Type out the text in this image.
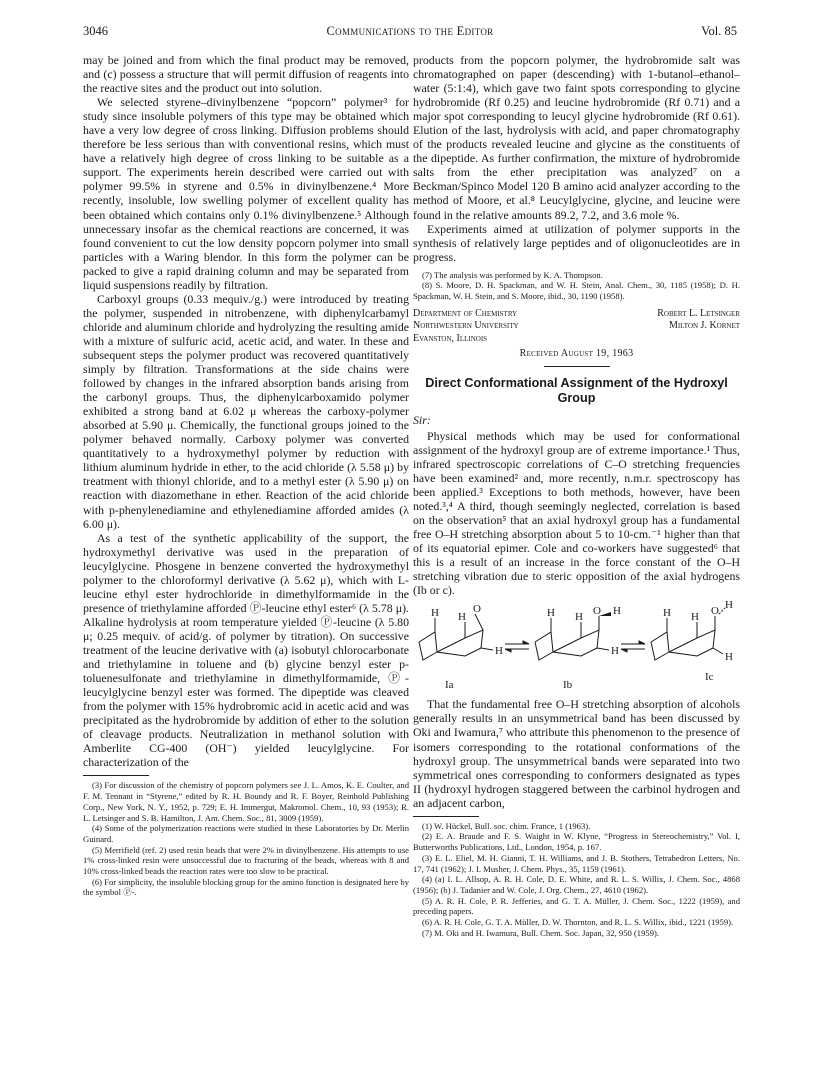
3046	Communications to the Editor	Vol. 85

may be joined and from which the final product may be removed, and (c) possess a structure that will permit diffusion of reagents into the reactive sites and the product out into solution.

We selected styrene–divinylbenzene “popcorn” polymer³ for study since insoluble polymers of this type may be obtained which have a very low degree of cross linking. Diffusion problems should therefore be less serious than with conventional resins, which must have a relatively high degree of cross linking to be suitable as a support. The experiments herein described were carried out with polymer 99.5% in styrene and 0.5% in divinylbenzene.⁴ More recently, insoluble, low swelling polymer of excellent quality has been obtained which contains only 0.1% divinylbenzene.⁵ Although unnecessary insofar as the chemical reactions are concerned, it was found convenient to cut the low density popcorn polymer into small particles with a Waring blendor. In this form the polymer can be packed to give a rapid draining column and may be separated from liquid suspensions readily by filtration.

Carboxyl groups (0.33 mequiv./g.) were introduced by treating the polymer, suspended in nitrobenzene, with diphenylcarbamyl chloride and aluminum chloride and hydrolyzing the resulting amide with a mixture of sulfuric acid, acetic acid, and water. In these and subsequent steps the polymer product was recovered quantitatively simply by filtration. Transformations at the side chains were followed by changes in the infrared absorption bands arising from the carbonyl groups. Thus, the diphenylcarboxamido polymer exhibited a strong band at 6.02 μ whereas the carboxy-polymer absorbed at 5.90 μ. Chemically, the functional groups joined to the polymer behaved normally. Carboxy polymer was converted quantitatively to a hydroxymethyl polymer by reduction with lithium aluminum hydride in ether, to the acid chloride (λ 5.58 μ) by treatment with thionyl chloride, and to a methyl ester (λ 5.90 μ) on reaction with diazomethane in ether. Reaction of the acid chloride with p-phenylenediamine and ethylenediamine afforded amides (λ 6.00 μ).

As a test of the synthetic applicability of the support, the hydroxymethyl derivative was used in the preparation of leucylglycine. Phosgene in benzene converted the hydroxymethyl polymer to the chloroformyl derivative (λ 5.62 μ), which with L-leucine ethyl ester hydrochloride in dimethylformamide in the presence of triethylamine afforded Ⓟ-leucine ethyl ester⁶ (λ 5.78 μ). Alkaline hydrolysis at room temperature yielded Ⓟ-leucine (λ 5.80 μ; 0.25 mequiv. of acid/g. of polymer by titration). On successive treatment of the leucine derivative with (a) isobutyl chlorocarbonate and triethylamine in toluene and (b) glycine benzyl ester p-toluenesulfonate and triethylamine in dimethylformamide, Ⓟ-leucylglycine benzyl ester was formed. The dipeptide was cleaved from the polymer with 15% hydrobromic acid in acetic acid and was precipitated as the hydrobromide by addition of ether to the solution of cleavage products. Neutralization in methanol solution with Amberlite CG-400 (OH⁻) yielded leucylglycine. For characterization of the

(3) For discussion of the chemistry of popcorn polymers see J. L. Amos, K. E. Coulter, and F. M. Tennant in “Styrene,” edited by R. H. Boundy and R. F. Boyer, Reinhold Publishing Corp., New York, N. Y., 1952, p. 729; E. H. Immergut, Makromol. Chem., 10, 93 (1953); R. L. Letsinger and S. B. Hamilton, J. Am. Chem. Soc., 81, 3009 (1959).

(4) Some of the polymerization reactions were studied in these Laboratories by Dr. Merlin Guinard.

(5) Merrifield (ref. 2) used resin beads that were 2% in divinylbenzene. His attempts to use 1% cross-linked resin were unsuccessful due to fracturing of the beads, whereas with 8 and 10% cross-linked beads the reaction rates were too slow to be practical.

(6) For simplicity, the insoluble blocking group for the amino function is designated here by the symbol Ⓟ-.

products from the popcorn polymer, the hydrobromide salt was chromatographed on paper (descending) with 1-butanol–ethanol–water (5:1:4), which gave two faint spots corresponding to glycine hydrobromide (Rf 0.25) and leucine hydrobromide (Rf 0.71) and a major spot corresponding to leucyl glycine hydrobromide (Rf 0.61). Elution of the last, hydrolysis with acid, and paper chromatography of the products revealed leucine and glycine as the constituents of the dipeptide. As further confirmation, the mixture of hydrobromide salts from the ether precipitation was analyzed⁷ on a Beckman/Spinco Model 120 B amino acid analyzer according to the method of Moore, et al.⁸ Leucylglycine, glycine, and leucine were found in the relative amounts 89.2, 7.2, and 3.6 mole %.

Experiments aimed at utilization of polymer supports in the synthesis of relatively large peptides and of oligonucleotides are in progress.

(7) The analysis was performed by K. A. Thompson.

(8) S. Moore, D. H. Spackman, and W. H. Stein, Anal. Chem., 30, 1185 (1958); D. H. Spackman, W. H. Stein, and S. Moore, ibid., 30, 1190 (1958).

Department of Chemistry
Northwestern University
Evanston, Illinois
Robert L. Letsinger
Milton J. Kornet
Received August 19, 1963
Direct Conformational Assignment of the Hydroxyl Group
Sir:

Physical methods which may be used for conformational assignment of the hydroxyl group are of extreme importance.¹ Thus, infrared spectroscopic correlations of C–O stretching frequencies have been examined² and, more recently, n.m.r. spectroscopy has been applied.³ Exceptions to both methods, however, have been noted.³,⁴ A third, though seemingly neglected, correlation is based on the observation⁵ that an axial hydroxyl group has a fundamental free O–H stretching absorption about 5 to 10-cm.⁻¹ higher than that of its equatorial epimer. Cole and co-workers have suggested⁶ that this is a result of an increase in the force constant of the O–H stretching vibration due to steric opposition of the axial hydrogens (Ib or c).

H H
O
H
Ia
H H O H
H
Ib
H H O H
H
Ic

That the fundamental free O–H stretching absorption of alcohols generally results in an unsymmetrical band has been discussed by Oki and Iwamura,⁷ who attribute this phenomenon to the presence of isomers corresponding to the rotational conformations of the hydroxyl group. The unsymmetrical bands were separated into two symmetrical ones corresponding to conformers designated as types II (hydroxyl hydrogen staggered between the carbinol hydrogen and an adjacent carbon,

(1) W. Hückel, Bull. soc. chim. France, 1 (1963).

(2) E. A. Braude and F. S. Waight in W. Klyne, “Progress in Stereochemistry,” Vol. I, Butterworths Publications, Ltd., London, 1954, p. 167.

(3) E. L. Eliel, M. H. Gianni, T. H. Williams, and J. B. Stothers, Tetrahedron Letters, No. 17, 741 (1962); J. I. Musher, J. Chem. Phys., 35, 1159 (1961).

(4) (a) I. L. Allsop, A. R. H. Cole, D. E. White, and R. L. S. Willix, J. Chem. Soc., 4868 (1956); (b) J. Tadanier and W. Cole, J. Org. Chem., 27, 4610 (1962).

(5) A. R. H. Cole, P. R. Jefferies, and G. T. A. Müller, J. Chem. Soc., 1222 (1959), and preceding papers.

(6) A. R. H. Cole, G. T. A. Müller, D. W. Thornton, and R. L. S. Willix, ibid., 1221 (1959).

(7) M. Oki and H. Iwamura, Bull. Chem. Soc. Japan, 32, 950 (1959).
